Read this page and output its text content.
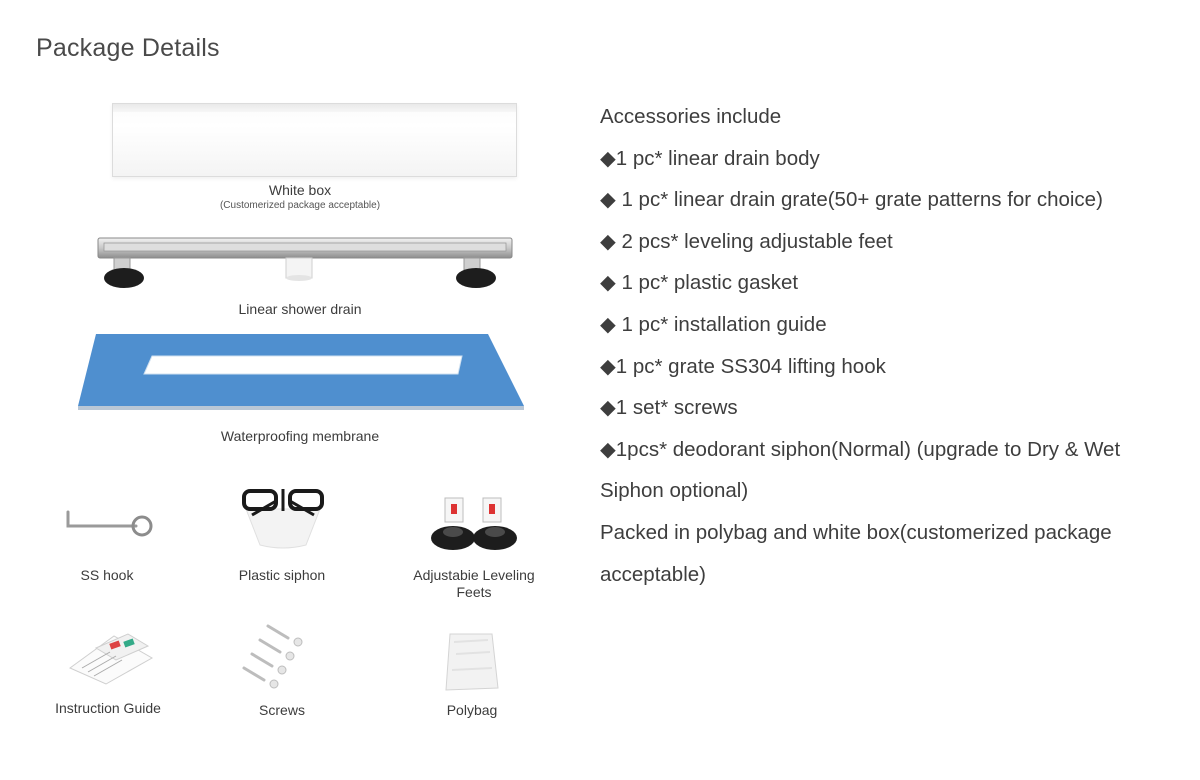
Package Details
White box
(Customerized package acceptable)
Linear shower drain
Waterproofing membrane
SS hook	Plastic siphon	Adjustabie Leveling Feets
Instruction Guide	Screws	Polybag
Accessories include
◆1 pc* linear drain body
◆ 1 pc* linear drain grate(50+ grate patterns for choice)
◆ 2 pcs* leveling adjustable feet
◆ 1 pc* plastic gasket
◆ 1 pc* installation guide
◆1 pc* grate SS304 lifting hook
◆1 set* screws
◆1pcs* deodorant siphon(Normal) (upgrade to Dry & Wet Siphon optional)
Packed in polybag and white box(customerized package acceptable)
